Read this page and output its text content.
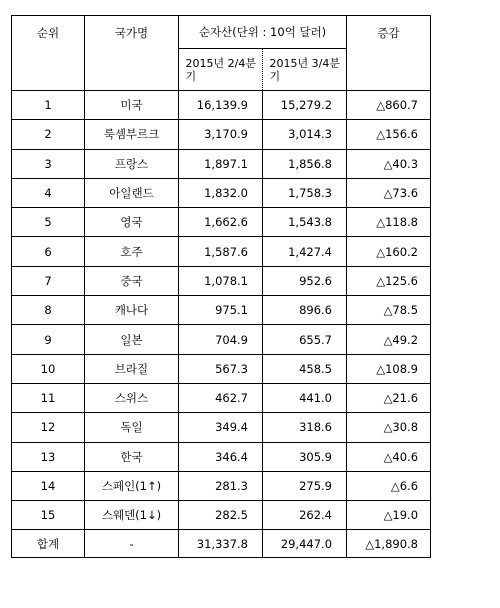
순위	국가명	순자산(단위 : 10억 달러)		증감
		2015년 2/4분기	2015년 3/4분기	
1	미국	16,139.9	15,279.2	△860.7
2	룩셈부르크	3,170.9	3,014.3	△156.6
3	프랑스	1,897.1	1,856.8	△40.3
4	아일랜드	1,832.0	1,758.3	△73.6
5	영국	1,662.6	1,543.8	△118.8
6	호주	1,587.6	1,427.4	△160.2
7	중국	1,078.1	952.6	△125.6
8	캐나다	975.1	896.6	△78.5
9	일본	704.9	655.7	△49.2
10	브라질	567.3	458.5	△108.9
11	스위스	462.7	441.0	△21.6
12	독일	349.4	318.6	△30.8
13	한국	346.4	305.9	△40.6
14	스페인(1↑)	281.3	275.9	△6.6
15	스웨덴(1↓)	282.5	262.4	△19.0
합계	-	31,337.8	29,447.0	△1,890.8
